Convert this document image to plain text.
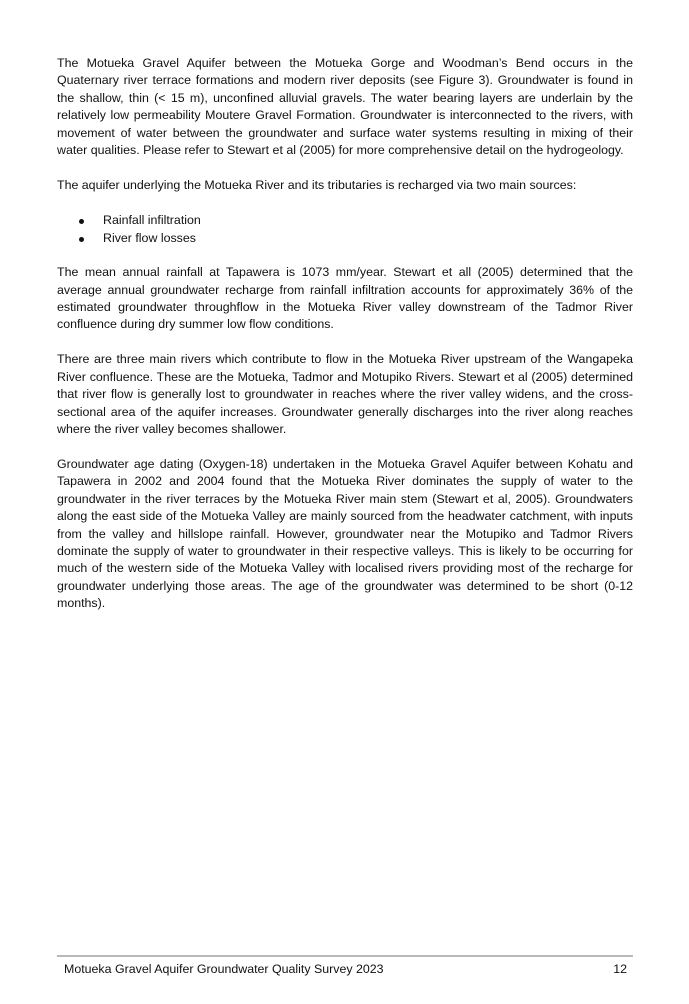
The Motueka Gravel Aquifer between the Motueka Gorge and Woodman’s Bend occurs in the Quaternary river terrace formations and modern river deposits (see Figure 3). Groundwater is found in the shallow, thin (< 15 m), unconfined alluvial gravels. The water bearing layers are underlain by the relatively low permeability Moutere Gravel Formation. Groundwater is interconnected to the rivers, with movement of water between the groundwater and surface water systems resulting in mixing of their water qualities. Please refer to Stewart et al (2005) for more comprehensive detail on the hydrogeology.

The aquifer underlying the Motueka River and its tributaries is recharged via two main sources:

Rainfall infiltration
River flow losses

The mean annual rainfall at Tapawera is 1073 mm/year. Stewart et all (2005) determined that the average annual groundwater recharge from rainfall infiltration accounts for approximately 36% of the estimated groundwater throughflow in the Motueka River valley downstream of the Tadmor River confluence during dry summer low flow conditions.

There are three main rivers which contribute to flow in the Motueka River upstream of the Wangapeka River confluence. These are the Motueka, Tadmor and Motupiko Rivers. Stewart et al (2005) determined that river flow is generally lost to groundwater in reaches where the river valley widens, and the cross-sectional area of the aquifer increases. Groundwater generally discharges into the river along reaches where the river valley becomes shallower.

Groundwater age dating (Oxygen-18) undertaken in the Motueka Gravel Aquifer between Kohatu and Tapawera in 2002 and 2004 found that the Motueka River dominates the supply of water to the groundwater in the river terraces by the Motueka River main stem (Stewart et al, 2005). Groundwaters along the east side of the Motueka Valley are mainly sourced from the headwater catchment, with inputs from the valley and hillslope rainfall. However, groundwater near the Motupiko and Tadmor Rivers dominate the supply of water to groundwater in their respective valleys. This is likely to be occurring for much of the western side of the Motueka Valley with localised rivers providing most of the recharge for groundwater underlying those areas. The age of the groundwater was determined to be short (0-12 months).

Motueka Gravel Aquifer Groundwater Quality Survey 2023	12
